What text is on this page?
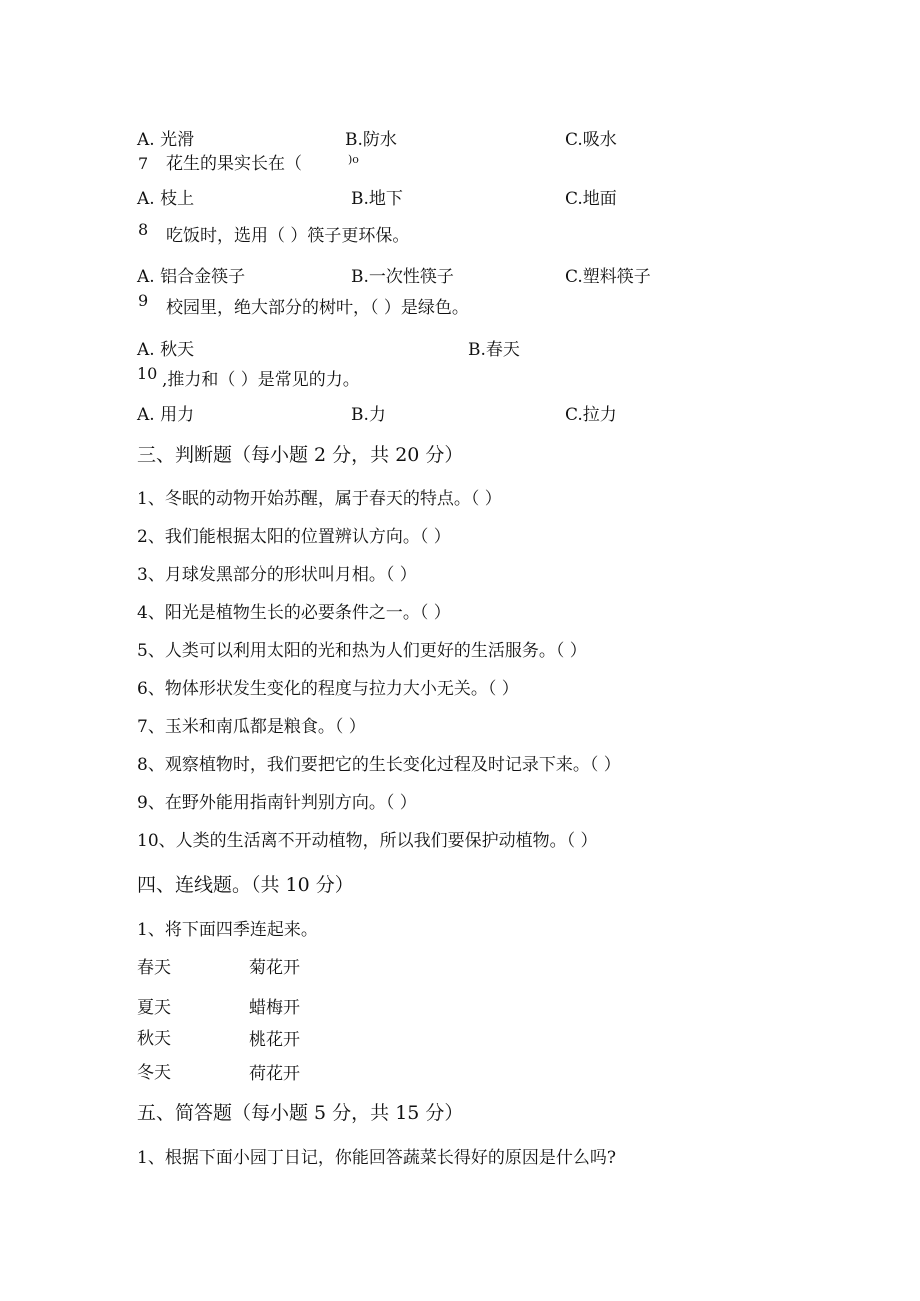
A. 光滑	B.防水	C.吸水
7 花生的果实长在（	)o
A. 枝上	B.地下	C.地面
8 吃饭时，选用（ ）筷子更环保。
A. 铝合金筷子	B.一次性筷子	C.塑料筷子
9 校园里，绝大部分的树叶，（ ）是绿色。
A. 秋天	B.春天
10 ,推力和（ ）是常见的力。
A. 用力	B.力	C.拉力
三、判断题（每小题 2 分，共 20 分）
1、冬眠的动物开始苏醒，属于春天的特点。（ ）
2、我们能根据太阳的位置辨认方向。（ ）
3、月球发黑部分的形状叫月相。（ ）
4、阳光是植物生长的必要条件之一。（ ）
5、人类可以利用太阳的光和热为人们更好的生活服务。（ ）
6、物体形状发生变化的程度与拉力大小无关。（ ）
7、玉米和南瓜都是粮食。（ ）
8、观察植物时，我们要把它的生长变化过程及时记录下来。（ ）
9、在野外能用指南针判别方向。（ ）
10、人类的生活离不开动植物，所以我们要保护动植物。（ ）
四、连线题。（共 10 分）
1、将下面四季连起来。
春天	菊花开
夏天	蜡梅开
秋天	桃花开
冬天	荷花开
五、简答题（每小题 5 分，共 15 分）
1、根据下面小园丁日记，你能回答蔬菜长得好的原因是什么吗?
